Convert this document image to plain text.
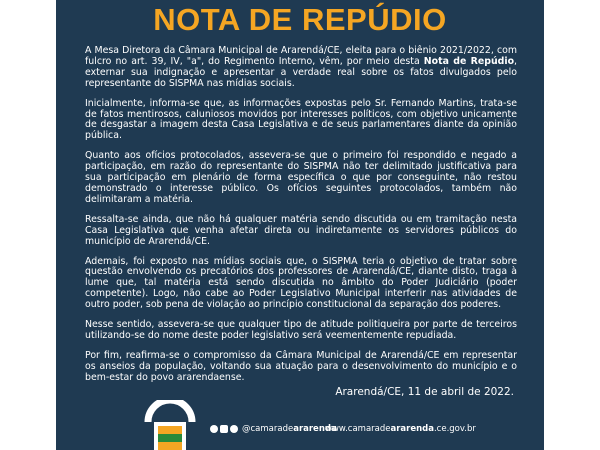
NOTA DE REPÚDIO

A Mesa Diretora da Câmara Municipal de Ararendá/CE, eleita para o biênio 2021/2022, com fulcro no art. 39, IV, "a", do Regimento Interno, vêm, por meio desta Nota de Repúdio, externar sua indignação e apresentar a verdade real sobre os fatos divulgados pelo representante do SISPMA nas mídias sociais.

Inicialmente, informa-se que, as informações expostas pelo Sr. Fernando Martins, trata-se de fatos mentirosos, caluniosos movidos por interesses políticos, com objetivo unicamente de desgastar a imagem desta Casa Legislativa e de seus parlamentares diante da opinião pública.

Quanto aos ofícios protocolados, assevera-se que o primeiro foi respondido e negado a participação, em razão do representante do SISPMA não ter delimitado justificativa para sua participação em plenário de forma específica o que por conseguinte, não restou demonstrado o interesse público. Os ofícios seguintes protocolados, também não delimitaram a matéria.

Ressalta-se ainda, que não há qualquer matéria sendo discutida ou em tramitação nesta Casa Legislativa que venha afetar direta ou indiretamente os servidores públicos do município de Ararendá/CE.

Ademais, foi exposto nas mídias sociais que, o SISPMA teria o objetivo de tratar sobre questão envolvendo os precatórios dos professores de Ararendá/CE, diante disto, traga à lume que, tal matéria está sendo discutida no âmbito do Poder Judiciário (poder competente). Logo, não cabe ao Poder Legislativo Municipal interferir nas atividades de outro poder, sob pena de violação ao princípio constitucional da separação dos poderes.

Nesse sentido, assevera-se que qualquer tipo de atitude politiqueira por parte de terceiros utilizando-se do nome deste poder legislativo será veementemente repudiada.

Por fim, reafirma-se o compromisso da Câmara Municipal de Ararendá/CE em representar os anseios da população, voltando sua atuação para o desenvolvimento do município e o bem-estar do povo ararendaense.

Ararendá/CE, 11 de abril de 2022.
@camarade ararenda
www.camaradeararenda.ce.gov.br
